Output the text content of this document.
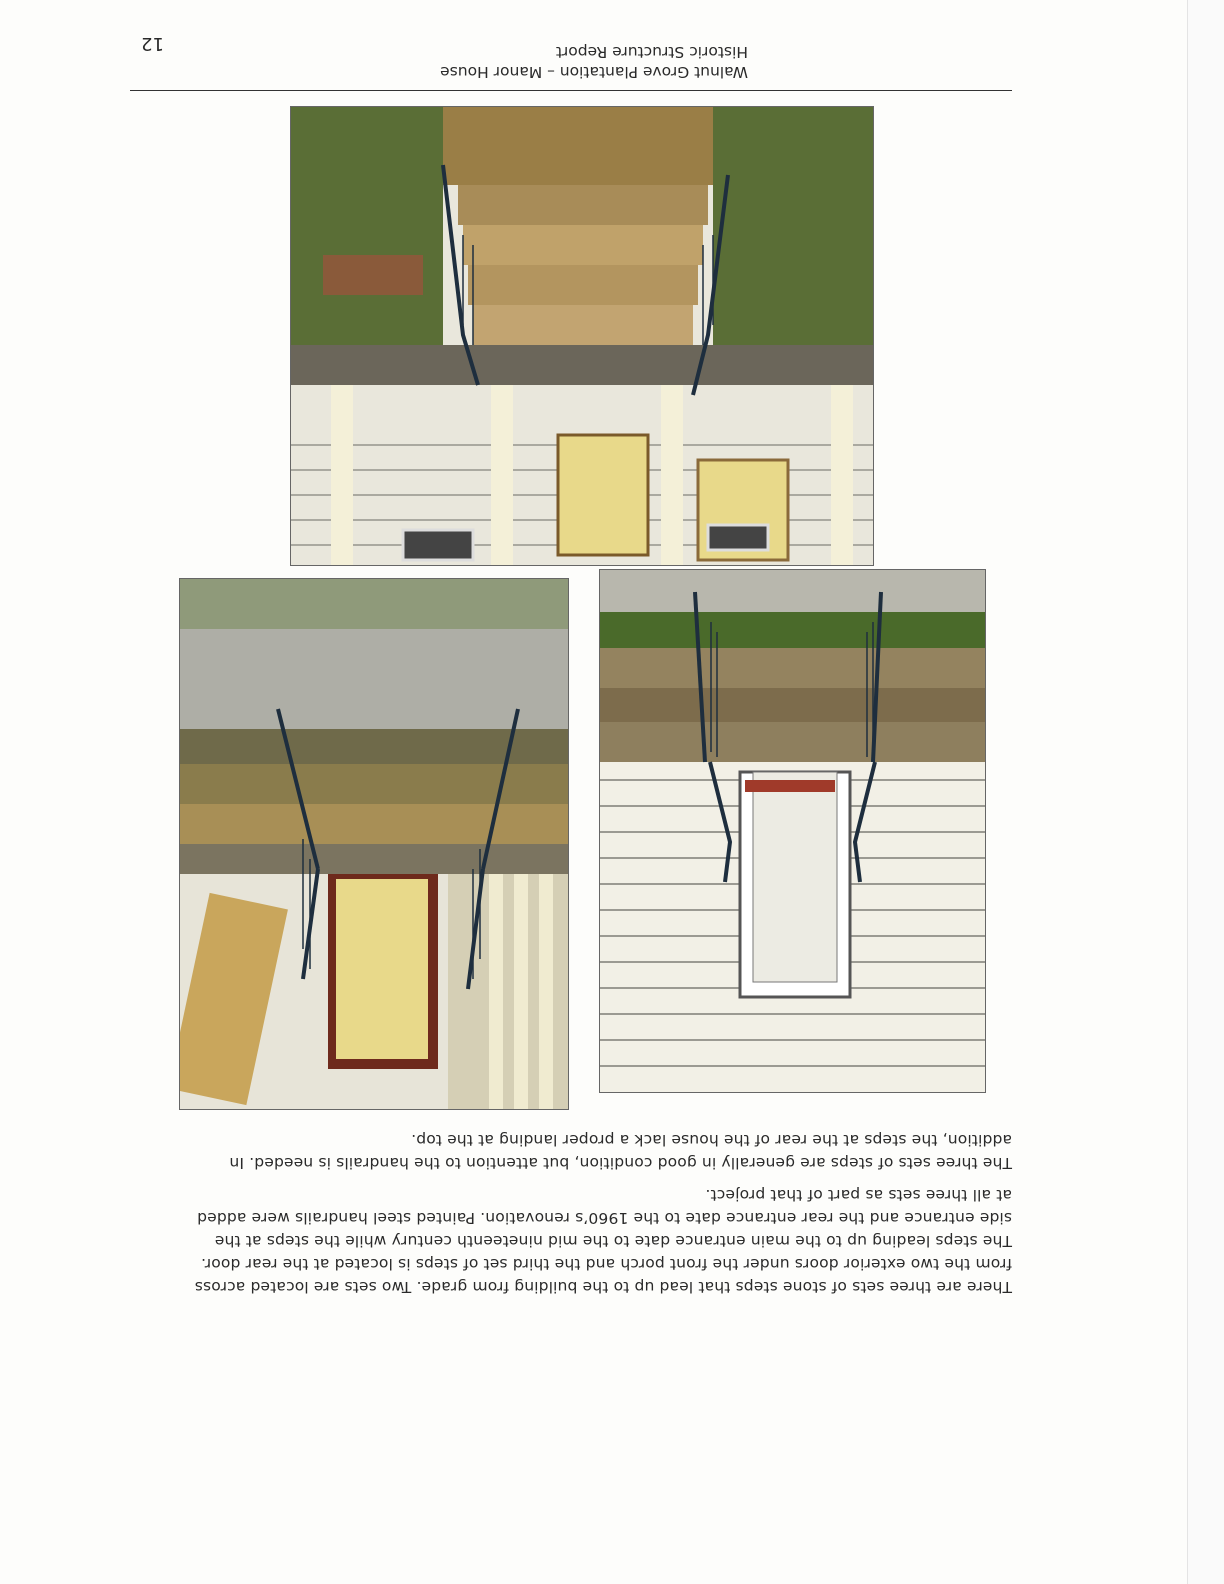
There are three sets of stone steps that lead up to the building from grade. Two sets are located across from the two exterior doors under the front porch and the third set of steps is located at the rear door. The steps leading up to the main entrance date to the mid nineteenth century while the steps at the side entrance and the rear entrance date to the 1960’s renovation. Painted steel handrails were added at all three sets as part of that project.

The three sets of steps are generally in good condition, but attention to the handrails is needed. In addition, the steps at the rear of the house lack a proper landing at the top.

Walnut Grove Plantation – Manor House
Historic Structure Report
12
